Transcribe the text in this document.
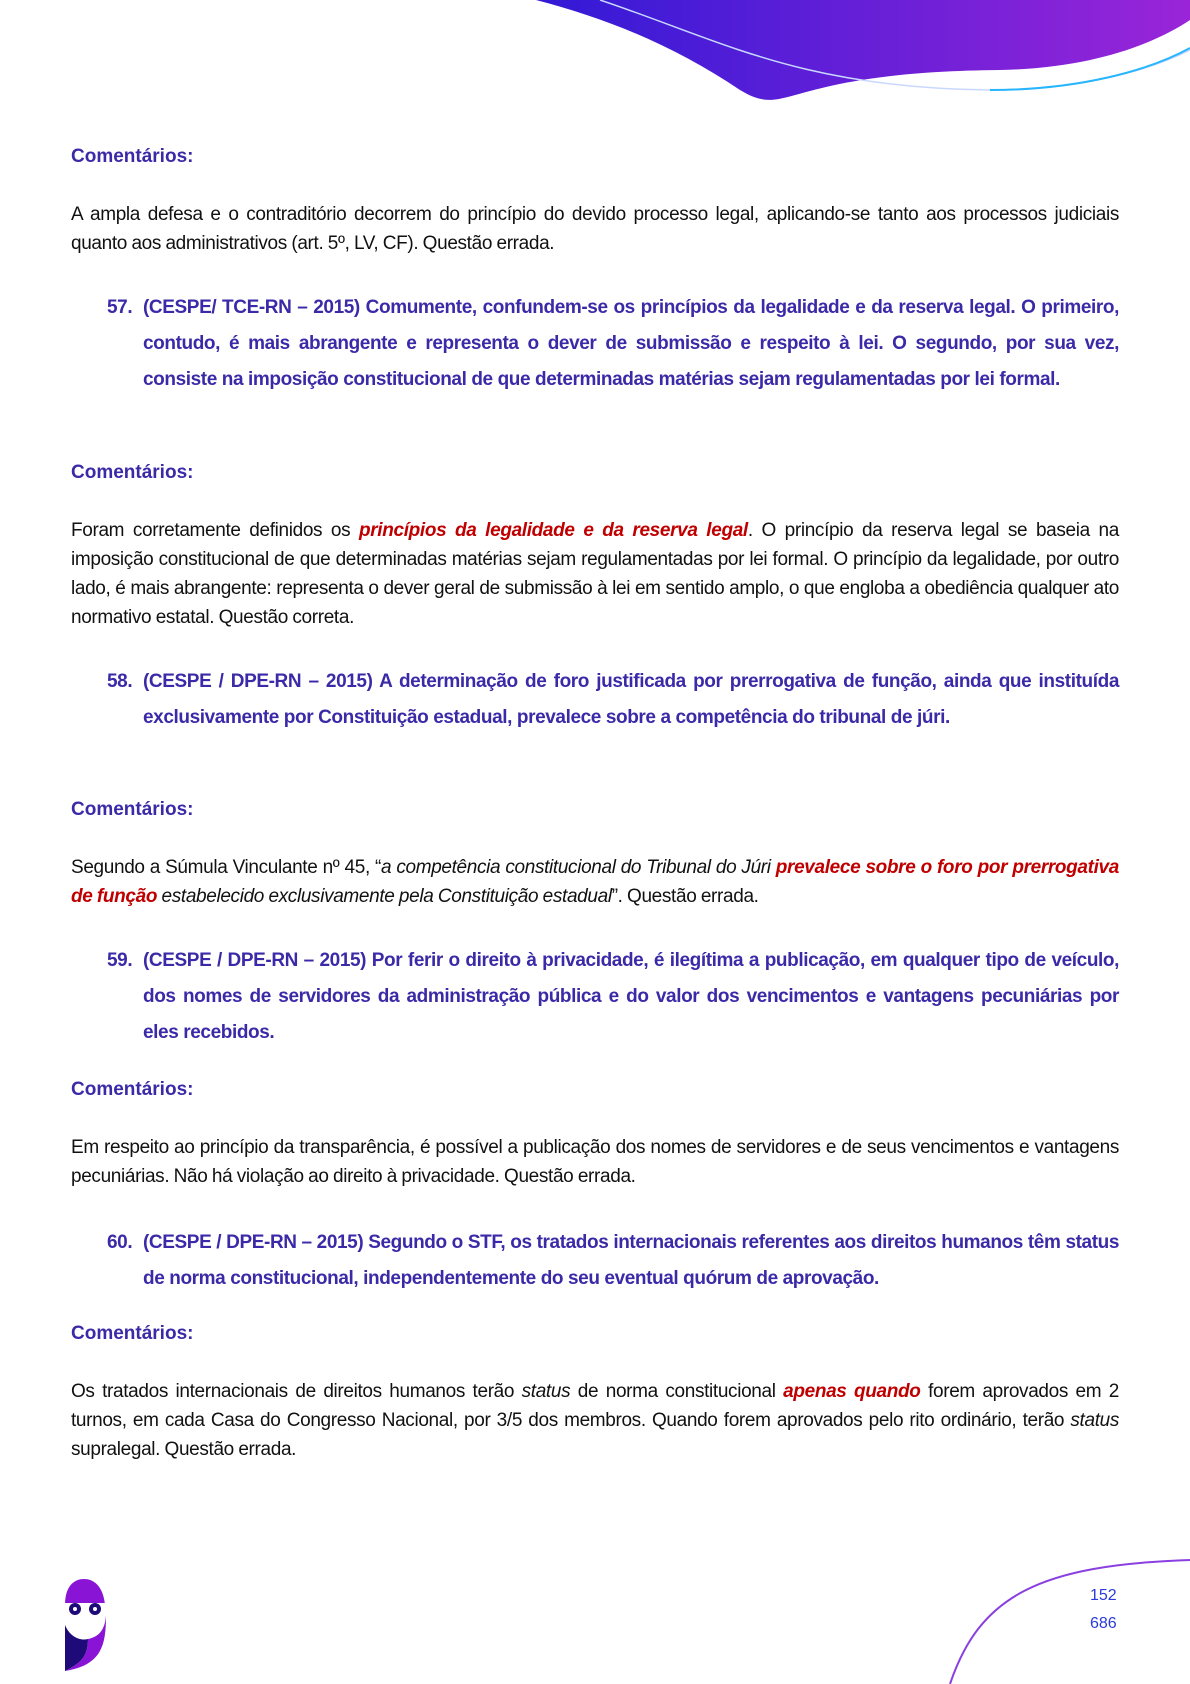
Comentários:
A ampla defesa e o contraditório decorrem do princípio do devido processo legal, aplicando-se tanto aos processos judiciais quanto aos administrativos (art. 5º, LV, CF). Questão errada.
57. (CESPE/ TCE-RN – 2015) Comumente, confundem-se os princípios da legalidade e da reserva legal. O primeiro, contudo, é mais abrangente e representa o dever de submissão e respeito à lei. O segundo, por sua vez, consiste na imposição constitucional de que determinadas matérias sejam regulamentadas por lei formal.
Comentários:
Foram corretamente definidos os princípios da legalidade e da reserva legal. O princípio da reserva legal se baseia na imposição constitucional de que determinadas matérias sejam regulamentadas por lei formal. O princípio da legalidade, por outro lado, é mais abrangente: representa o dever geral de submissão à lei em sentido amplo, o que engloba a obediência qualquer ato normativo estatal. Questão correta.
58. (CESPE / DPE-RN – 2015) A determinação de foro justificada por prerrogativa de função, ainda que instituída exclusivamente por Constituição estadual, prevalece sobre a competência do tribunal de júri.
Comentários:
Segundo a Súmula Vinculante nº 45, “a competência constitucional do Tribunal do Júri prevalece sobre o foro por prerrogativa de função estabelecido exclusivamente pela Constituição estadual”. Questão errada.
59. (CESPE / DPE-RN – 2015) Por ferir o direito à privacidade, é ilegítima a publicação, em qualquer tipo de veículo, dos nomes de servidores da administração pública e do valor dos vencimentos e vantagens pecuniárias por eles recebidos.
Comentários:
Em respeito ao princípio da transparência, é possível a publicação dos nomes de servidores e de seus vencimentos e vantagens pecuniárias. Não há violação ao direito à privacidade. Questão errada.
60. (CESPE / DPE-RN – 2015) Segundo o STF, os tratados internacionais referentes aos direitos humanos têm status de norma constitucional, independentemente do seu eventual quórum de aprovação.
Comentários:
Os tratados internacionais de direitos humanos terão status de norma constitucional apenas quando forem aprovados em 2 turnos, em cada Casa do Congresso Nacional, por 3/5 dos membros. Quando forem aprovados pelo rito ordinário, terão status supralegal. Questão errada.
152
686
